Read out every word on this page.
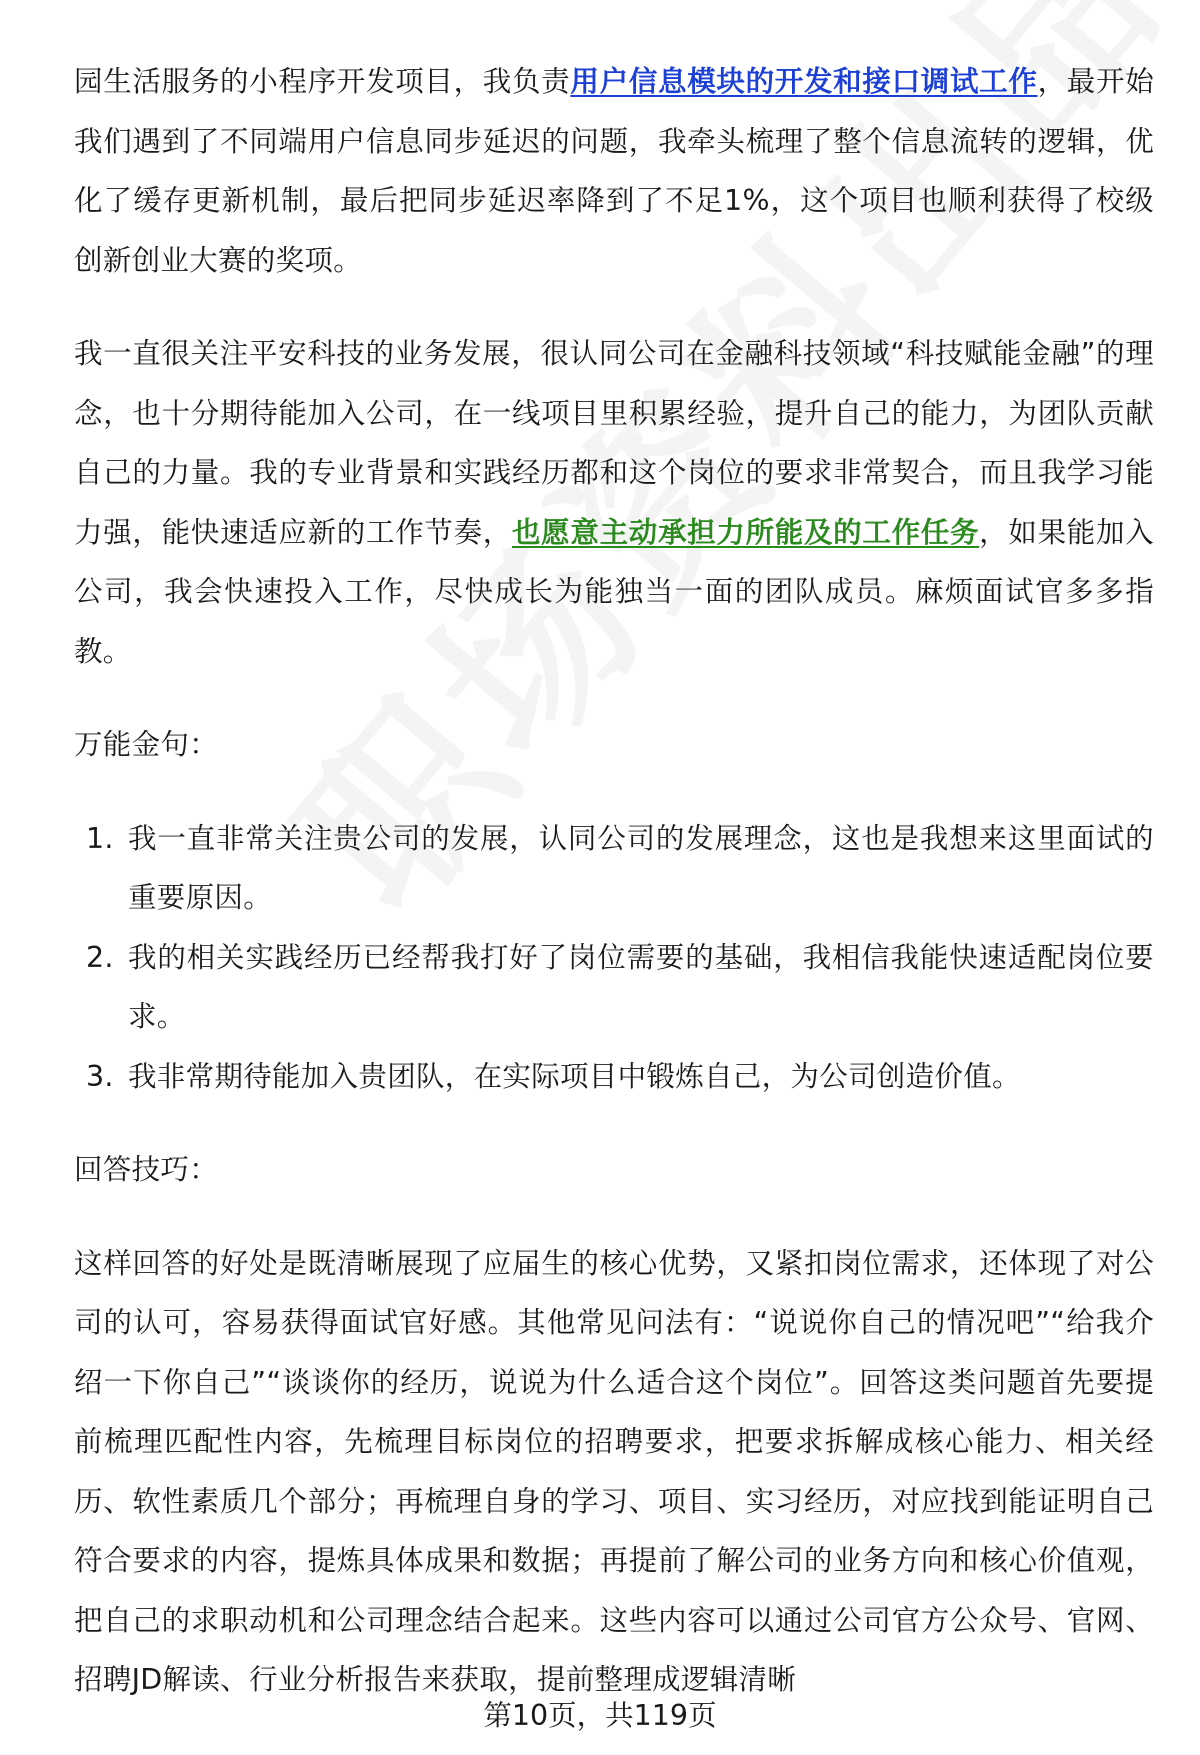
园生活服务的小程序开发项目，我负责用户信息模块的开发和接口调试工作，最开始我们遇到了不同端用户信息同步延迟的问题，我牵头梳理了整个信息流转的逻辑，优化了缓存更新机制，最后把同步延迟率降到了不足1%，这个项目也顺利获得了校级创新创业大赛的奖项。

我一直很关注平安科技的业务发展，很认同公司在金融科技领域“科技赋能金融”的理念，也十分期待能加入公司，在一线项目里积累经验，提升自己的能力，为团队贡献自己的力量。我的专业背景和实践经历都和这个岗位的要求非常契合，而且我学习能力强，能快速适应新的工作节奏，也愿意主动承担力所能及的工作任务，如果能加入公司，我会快速投入工作，尽快成长为能独当一面的团队成员。麻烦面试官多多指教。

万能金句：

1. 我一直非常关注贵公司的发展，认同公司的发展理念，这也是我想来这里面试的重要原因。
2. 我的相关实践经历已经帮我打好了岗位需要的基础，我相信我能快速适配岗位要求。
3. 我非常期待能加入贵团队，在实际项目中锻炼自己，为公司创造价值。

回答技巧：

这样回答的好处是既清晰展现了应届生的核心优势，又紧扣岗位需求，还体现了对公司的认可，容易获得面试官好感。其他常见问法有：“说说你自己的情况吧”“给我介绍一下你自己”“谈谈你的经历，说说为什么适合这个岗位”。回答这类问题首先要提前梳理匹配性内容，先梳理目标岗位的招聘要求，把要求拆解成核心能力、相关经历、软性素质几个部分；再梳理自身的学习、项目、实习经历，对应找到能证明自己符合要求的内容，提炼具体成果和数据；再提前了解公司的业务方向和核心价值观，把自己的求职动机和公司理念结合起来。这些内容可以通过公司官方公众号、官网、招聘JD解读、行业分析报告来获取，提前整理成逻辑清晰

第10页，共119页
